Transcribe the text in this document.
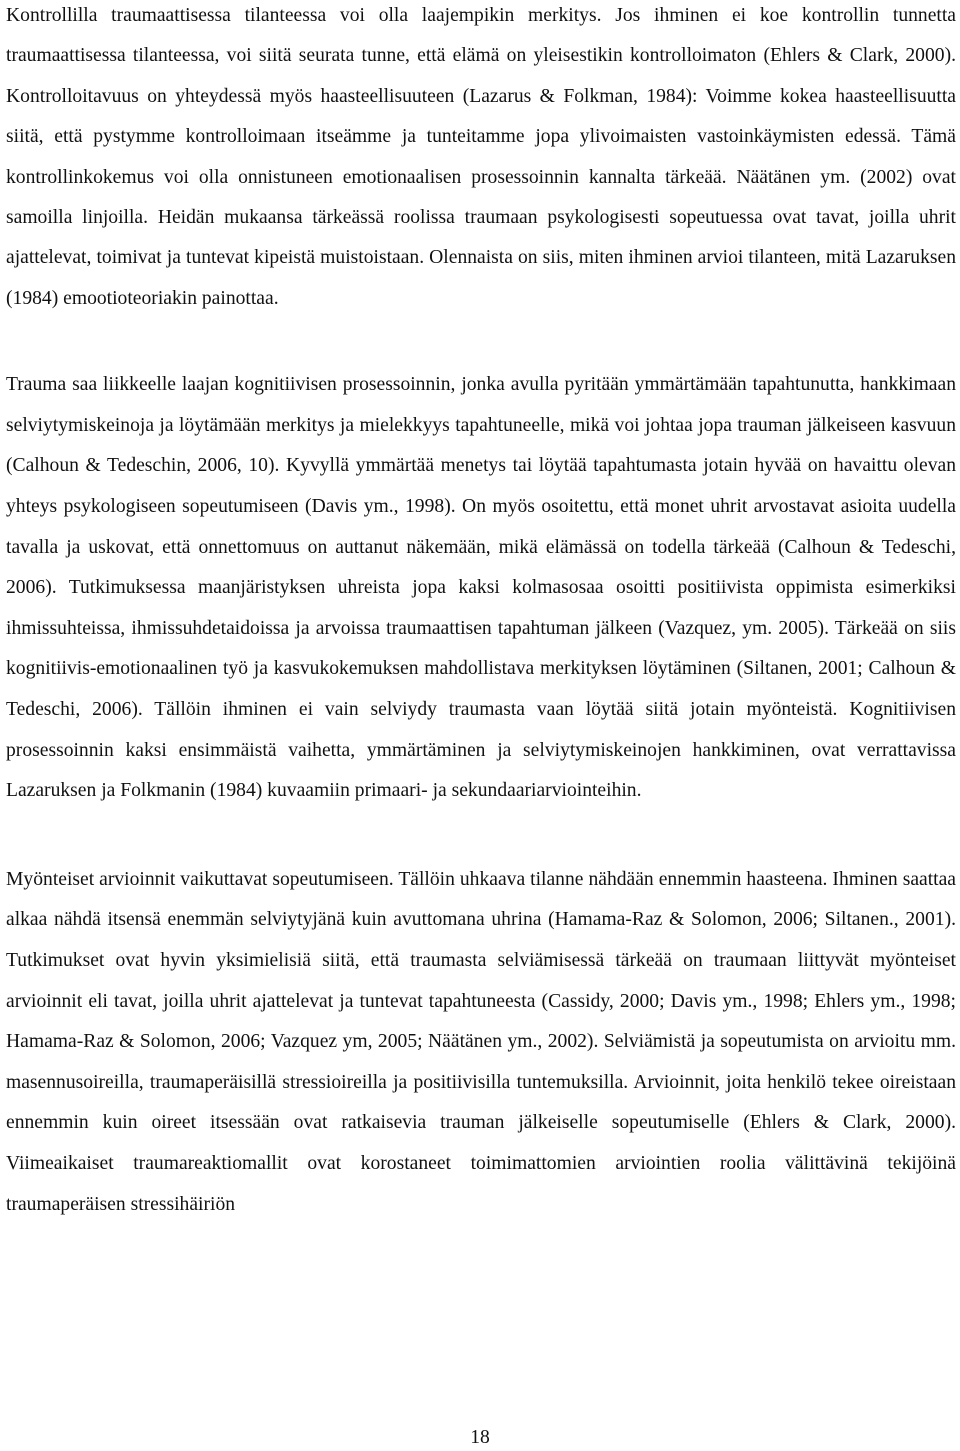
Kontrollilla traumaattisessa tilanteessa voi olla laajempikin merkitys. Jos ihminen ei koe kontrollin tunnetta traumaattisessa tilanteessa, voi siitä seurata tunne, että elämä on yleisestikin kontrolloimaton (Ehlers & Clark, 2000). Kontrolloitavuus on yhteydessä myös haasteellisuuteen (Lazarus & Folkman, 1984): Voimme kokea haasteellisuutta siitä, että pystymme kontrolloimaan itseämme ja tunteitamme jopa ylivoimaisten vastoinkäymisten edessä. Tämä kontrollinkokemus voi olla onnistuneen emotionaalisen prosessoinnin kannalta tärkeää. Näätänen ym. (2002) ovat samoilla linjoilla. Heidän mukaansa tärkeässä roolissa traumaan psykologisesti sopeutuessa ovat tavat, joilla uhrit ajattelevat, toimivat ja tuntevat kipeistä muistoistaan. Olennaista on siis, miten ihminen arvioi tilanteen, mitä Lazaruksen (1984) emootioteoriakin painottaa.

Trauma saa liikkeelle laajan kognitiivisen prosessoinnin, jonka avulla pyritään ymmärtämään tapahtunutta, hankkimaan selviytymiskeinoja ja löytämään merkitys ja mielekkyys tapahtuneelle, mikä voi johtaa jopa trauman jälkeiseen kasvuun (Calhoun & Tedeschin, 2006, 10). Kyvyllä ymmärtää menetys tai löytää tapahtumasta jotain hyvää on havaittu olevan yhteys psykologiseen sopeutumiseen (Davis ym., 1998). On myös osoitettu, että monet uhrit arvostavat asioita uudella tavalla ja uskovat, että onnettomuus on auttanut näkemään, mikä elämässä on todella tärkeää (Calhoun & Tedeschi, 2006). Tutkimuksessa maanjäristyksen uhreista jopa kaksi kolmasosaa osoitti positiivista oppimista esimerkiksi ihmissuhteissa, ihmissuhdetaidoissa ja arvoissa traumaattisen tapahtuman jälkeen (Vazquez, ym. 2005). Tärkeää on siis kognitiivis-emotionaalinen työ ja kasvukokemuksen mahdollistava merkityksen löytäminen (Siltanen, 2001; Calhoun & Tedeschi, 2006). Tällöin ihminen ei vain selviydy traumasta vaan löytää siitä jotain myönteistä. Kognitiivisen prosessoinnin kaksi ensimmäistä vaihetta, ymmärtäminen ja selviytymiskeinojen hankkiminen, ovat verrattavissa Lazaruksen ja Folkmanin (1984) kuvaamiin primaari- ja sekundaariarviointeihin.

Myönteiset arvioinnit vaikuttavat sopeutumiseen. Tällöin uhkaava tilanne nähdään ennemmin haasteena. Ihminen saattaa alkaa nähdä itsensä enemmän selviytyjänä kuin avuttomana uhrina (Hamama-Raz & Solomon, 2006; Siltanen., 2001). Tutkimukset ovat hyvin yksimielisiä siitä, että traumasta selviämisessä tärkeää on traumaan liittyvät myönteiset arvioinnit eli tavat, joilla uhrit ajattelevat ja tuntevat tapahtuneesta (Cassidy, 2000; Davis ym., 1998; Ehlers ym., 1998; Hamama-Raz & Solomon, 2006; Vazquez ym, 2005; Näätänen ym., 2002). Selviämistä ja sopeutumista on arvioitu mm. masennusoireilla, traumaperäisillä stressioireilla ja positiivisilla tuntemuksilla. Arvioinnit, joita henkilö tekee oireistaan ennemmin kuin oireet itsessään ovat ratkaisevia trauman jälkeiselle sopeutumiselle (Ehlers & Clark, 2000). Viimeaikaiset traumareaktiomallit ovat korostaneet toimimattomien arviointien roolia välittävinä tekijöinä traumaperäisen stressihäiriön

18
